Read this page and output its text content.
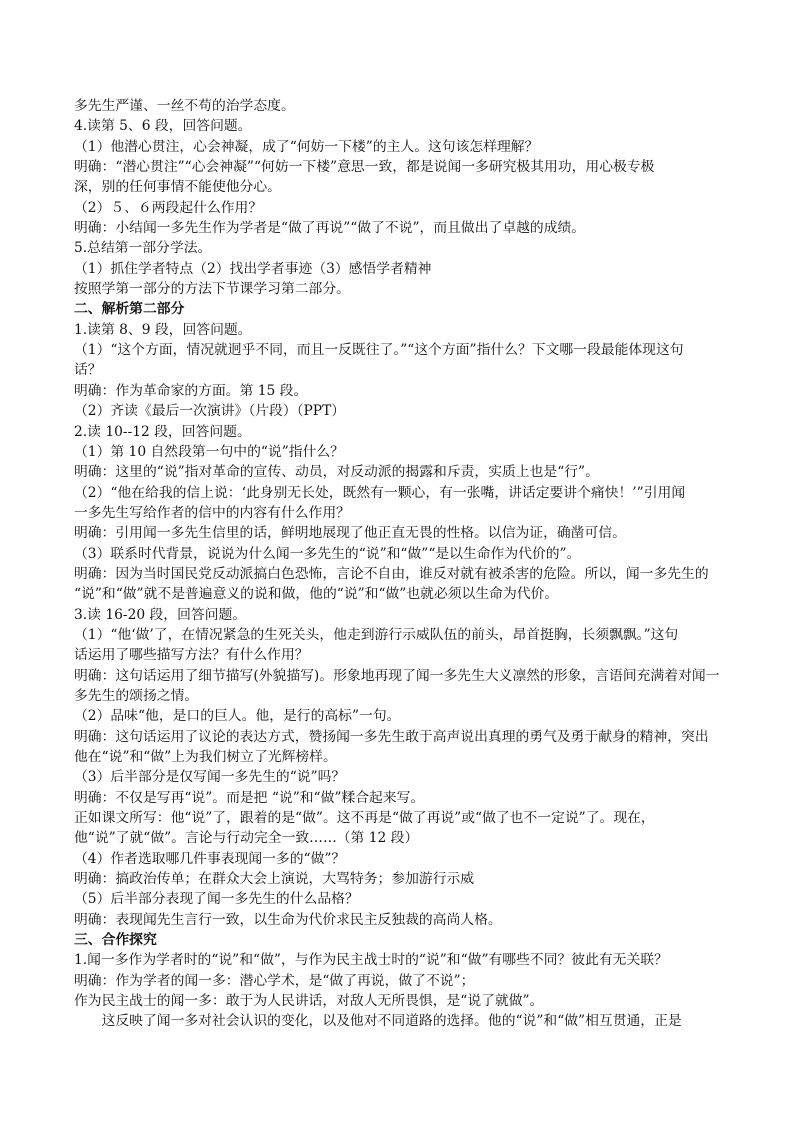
多先生严谨、一丝不苟的治学态度。
4.读第 5、6 段，回答问题。
（1）他潜心贯注，心会神凝，成了“何妨一下楼”的主人。这句该怎样理解？
明确：“潜心贯注”“心会神凝”“何妨一下楼”意思一致，都是说闻一多研究极其用功，用心极专极
深，别的任何事情不能使他分心。
（2）５、６两段起什么作用？
明确：小结闻一多先生作为学者是“做了再说”“做了不说”，而且做出了卓越的成绩。
5.总结第一部分学法。
（1）抓住学者特点（2）找出学者事迹（3）感悟学者精神
按照学第一部分的方法下节课学习第二部分。
二、解析第二部分
1.读第 8、9 段，回答问题。
（1）“这个方面，情况就迥乎不同，而且一反既往了。”“这个方面”指什么？下文哪一段最能体现这句
话？
明确：作为革命家的方面。第 15 段。
（2）齐读《最后一次演讲》（片段）（PPT）
2.读 10--12 段，回答问题。
（1）第 10 自然段第一句中的“说”指什么？
明确：这里的“说”指对革命的宣传、动员，对反动派的揭露和斥责，实质上也是“行”。
（2）“他在给我的信上说：‘此身别无长处，既然有一颗心，有一张嘴，讲话定要讲个痛快！’”引用闻
一多先生写给作者的信中的内容有什么作用？
明确：引用闻一多先生信里的话，鲜明地展现了他正直无畏的性格。以信为证，确凿可信。
（3）联系时代背景，说说为什么闻一多先生的“说”和“做”“是以生命作为代价的”。
明确：因为当时国民党反动派搞白色恐怖，言论不自由，谁反对就有被杀害的危险。所以，闻一多先生的
“说”和“做”就不是普遍意义的说和做，他的“说”和“做”也就必须以生命为代价。
3.读 16-20 段，回答问题。
（1）“他‘做’了，在情况紧急的生死关头，他走到游行示威队伍的前头，昂首挺胸，长须飘飘。”这句
话运用了哪些描写方法？有什么作用？
明确：这句话运用了细节描写(外貌描写)。形象地再现了闻一多先生大义凛然的形象，言语间充满着对闻一
多先生的颂扬之情。
（2）品味“他，是口的巨人。他，是行的高标”一句。
明确：这句话运用了议论的表达方式，赞扬闻一多先生敢于高声说出真理的勇气及勇于献身的精神，突出
他在“说”和“做”上为我们树立了光辉榜样。
（3）后半部分是仅写闻一多先生的“说”吗？
明确：不仅是写再“说”。而是把 “说”和“做”糅合起来写。
正如课文所写：他“说”了，跟着的是“做”。这不再是“做了再说”或“做了也不一定说”了。现在，
他“说”了就“做”。言论与行动完全一致……（第 12 段）
（4）作者选取哪几件事表现闻一多的“做”？
明确：搞政治传单；在群众大会上演说，大骂特务；参加游行示威
（5）后半部分表现了闻一多先生的什么品格？
明确：表现闻先生言行一致，以生命为代价求民主反独裁的高尚人格。
三、合作探究
1.闻一多作为学者时的“说”和“做”，与作为民主战士时的“说”和“做”有哪些不同？彼此有无关联？
明确：作为学者的闻一多：潜心学术，是“做了再说，做了不说”；
作为民主战士的闻一多：敢于为人民讲话，对敌人无所畏惧，是“说了就做”。
这反映了闻一多对社会认识的变化，以及他对不同道路的选择。他的“说”和“做”相互贯通，正是
